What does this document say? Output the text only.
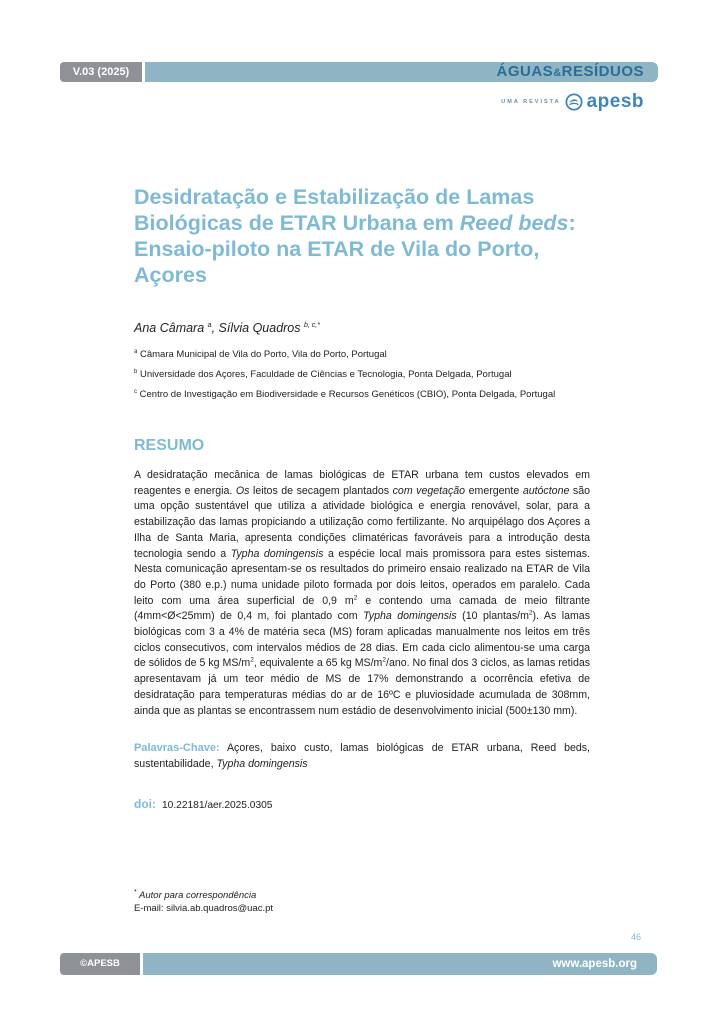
V.03 (2025)	ÁGUAS&RESÍDUOS
UMA REVISTA apesb
Desidratação e Estabilização de Lamas Biológicas de ETAR Urbana em Reed beds: Ensaio-piloto na ETAR de Vila do Porto, Açores
Ana Câmara $^a$, Sílvia Quadros $^{b, c,*}$
$^a$ Câmara Municipal de Vila do Porto, Vila do Porto, Portugal
$^b$ Universidade dos Açores, Faculdade de Ciências e Tecnologia, Ponta Delgada, Portugal
$^c$ Centro de Investigação em Biodiversidade e Recursos Genéticos (CBIO), Ponta Delgada, Portugal
RESUMO

A desidratação mecânica de lamas biológicas de ETAR urbana tem custos elevados em reagentes e energia. Os leitos de secagem plantados com vegetação emergente autóctone são uma opção sustentável que utiliza a atividade biológica e energia renovável, solar, para a estabilização das lamas propiciando a utilização como fertilizante. No arquipélago dos Açores a Ilha de Santa Maria, apresenta condições climatéricas favoráveis para a introdução desta tecnologia sendo a Typha domingensis a espécie local mais promissora para estes sistemas. Nesta comunicação apresentam-se os resultados do primeiro ensaio realizado na ETAR de Vila do Porto (380 e.p.) numa unidade piloto formada por dois leitos, operados em paralelo. Cada leito com uma área superficial de 0,9 $m^2$ e contendo uma camada de meio filtrante (4mm<Ø<25mm) de 0,4 m, foi plantado com Typha domingensis (10 plantas/$m^2$). As lamas biológicas com 3 a 4% de matéria seca (MS) foram aplicadas manualmente nos leitos em três ciclos consecutivos, com intervalos médios de 28 dias. Em cada ciclo alimentou-se uma carga de sólidos de 5 kg $MS/m^2$, equivalente a 65 kg $MS/m^2$/ano. No final dos 3 ciclos, as lamas retidas apresentavam já um teor médio de MS de 17% demonstrando a ocorrência efetiva de desidratação para temperaturas médias do ar de 16ºC e pluviosidade acumulada de 308mm, ainda que as plantas se encontrassem num estádio de desenvolvimento inicial (500±130 mm).

Palavras-Chave: Açores, baixo custo, lamas biológicas de ETAR urbana, Reed beds, sustentabilidade, Typha domingensis

doi: 10.22181/aer.2025.0305
* Autor para correspondência
E-mail: silvia.ab.quadros@uac.pt
46
©APESB	www.apesb.org
